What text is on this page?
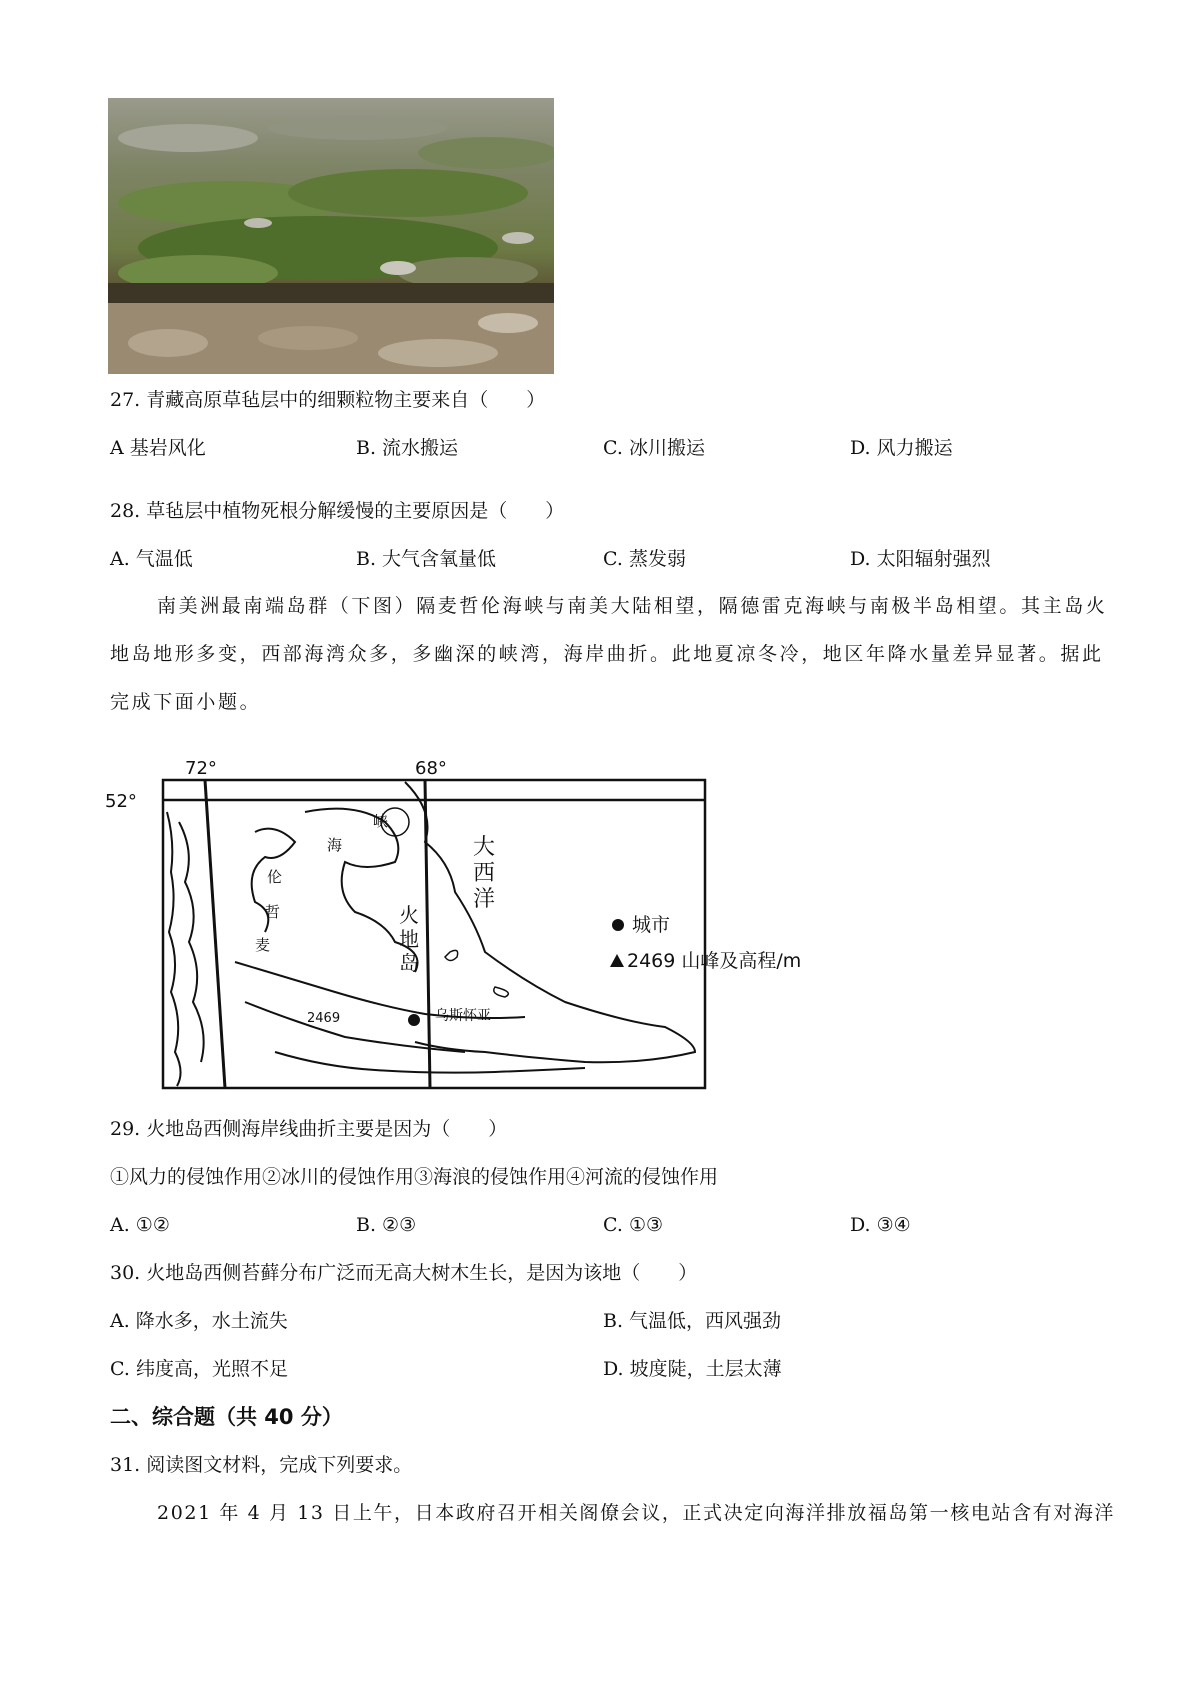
27. 青藏高原草毡层中的细颗粒物主要来自（　　）
A 基岩风化	B. 流水搬运	C. 冰川搬运	D. 风力搬运
28. 草毡层中植物死根分解缓慢的主要原因是（　　）
A. 气温低	B. 大气含氧量低	C. 蒸发弱	D. 太阳辐射强烈
南美洲最南端岛群（下图）隔麦哲伦海峡与南美大陆相望，隔德雷克海峡与南极半岛相望。其主岛火
地岛地形多变，西部海湾众多，多幽深的峡湾，海岸曲折。此地夏凉冬冷，地区年降水量差异显著。据此
完成下面小题。
72°	68°
52°
峡
海
伦
哲
麦
火
地
岛
大
西
洋
2469	乌斯怀亚
城市
2469 山峰及高程/m
29. 火地岛西侧海岸线曲折主要是因为（　　）
①风力的侵蚀作用②冰川的侵蚀作用③海浪的侵蚀作用④河流的侵蚀作用
A. ①②	B. ②③	C. ①③	D. ③④
30. 火地岛西侧苔藓分布广泛而无高大树木生长，是因为该地（　　）
A. 降水多，水土流失	B. 气温低，西风强劲
C. 纬度高，光照不足	D. 坡度陡，土层太薄
二、综合题（共 40 分）
31. 阅读图文材料，完成下列要求。
2021 年 4 月 13 日上午，日本政府召开相关阁僚会议，正式决定向海洋排放福岛第一核电站含有对海洋
